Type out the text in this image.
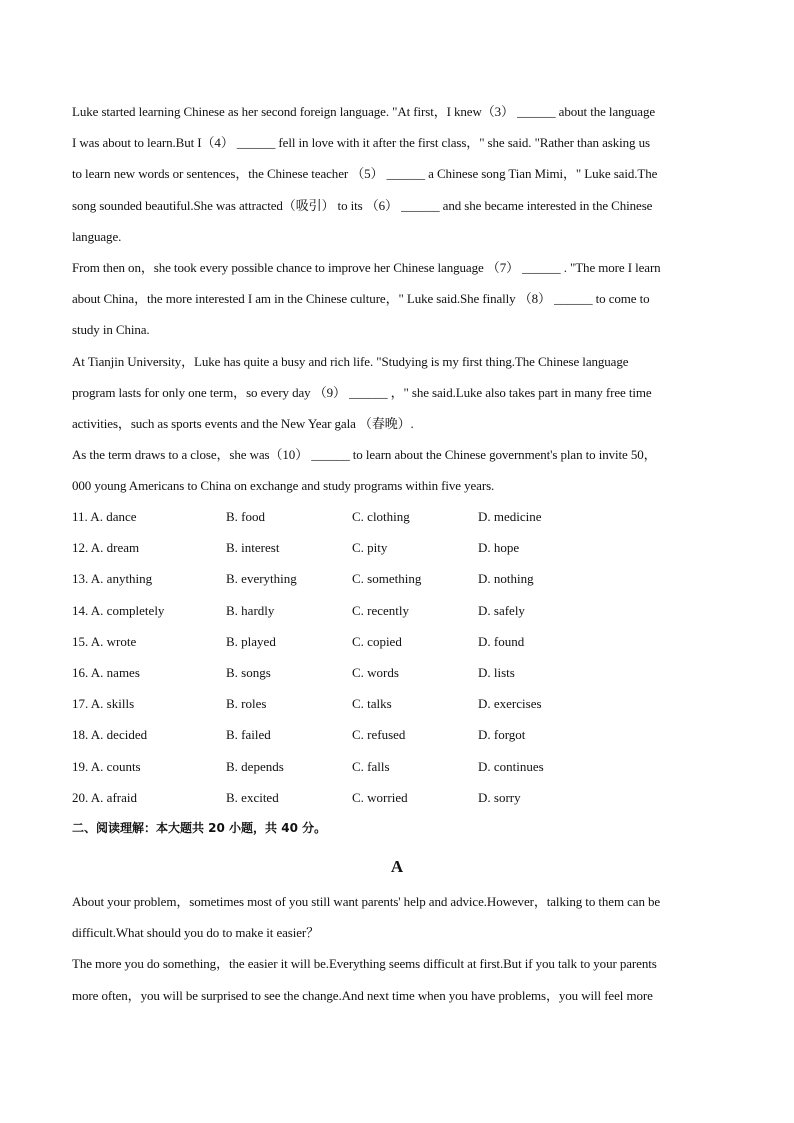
Luke started learning Chinese as her second foreign language. "At first，I knew（3） ______ about the language
I was about to learn.But I（4） ______ fell in love with it after the first class，" she said. "Rather than asking us
to learn new words or sentences，the Chinese teacher （5） ______ a Chinese song Tian Mimi，" Luke said.The
song sounded beautiful.She was attracted（吸引） to its （6） ______ and she became interested in the Chinese
language.
From then on，she took every possible chance to improve her Chinese language （7） ______ . "The more I learn
about China，the more interested I am in the Chinese culture，" Luke said.She finally （8） ______ to come to
study in China.
At Tianjin University，Luke has quite a busy and rich life. "Studying is my first thing.The Chinese language
program lasts for only one term，so every day （9） ______ ，" she said.Luke also takes part in many free time
activities，such as sports events and the New Year gala （春晚）.
As the term draws to a close，she was（10） ______ to learn about the Chinese government's plan to invite 50，
000 young Americans to China on exchange and study programs within five years.
11. A. dance	B. food	C. clothing	D. medicine
12. A. dream	B. interest	C. pity	D. hope
13. A. anything	B. everything	C. something	D. nothing
14. A. completely	B. hardly	C. recently	D. safely
15. A. wrote	B. played	C. copied	D. found
16. A. names	B. songs	C. words	D. lists
17. A. skills	B. roles	C. talks	D. exercises
18. A. decided	B. failed	C. refused	D. forgot
19. A. counts	B. depends	C. falls	D. continues
20. A. afraid	B. excited	C. worried	D. sorry
二、阅读理解：本大题共 20 小题，共 40 分。
A
About your problem，sometimes most of you still want parents' help and advice.However，talking to them can be
difficult.What should you do to make it easier？
The more you do something，the easier it will be.Everything seems difficult at first.But if you talk to your parents
more often，you will be surprised to see the change.And next time when you have problems，you will feel more
